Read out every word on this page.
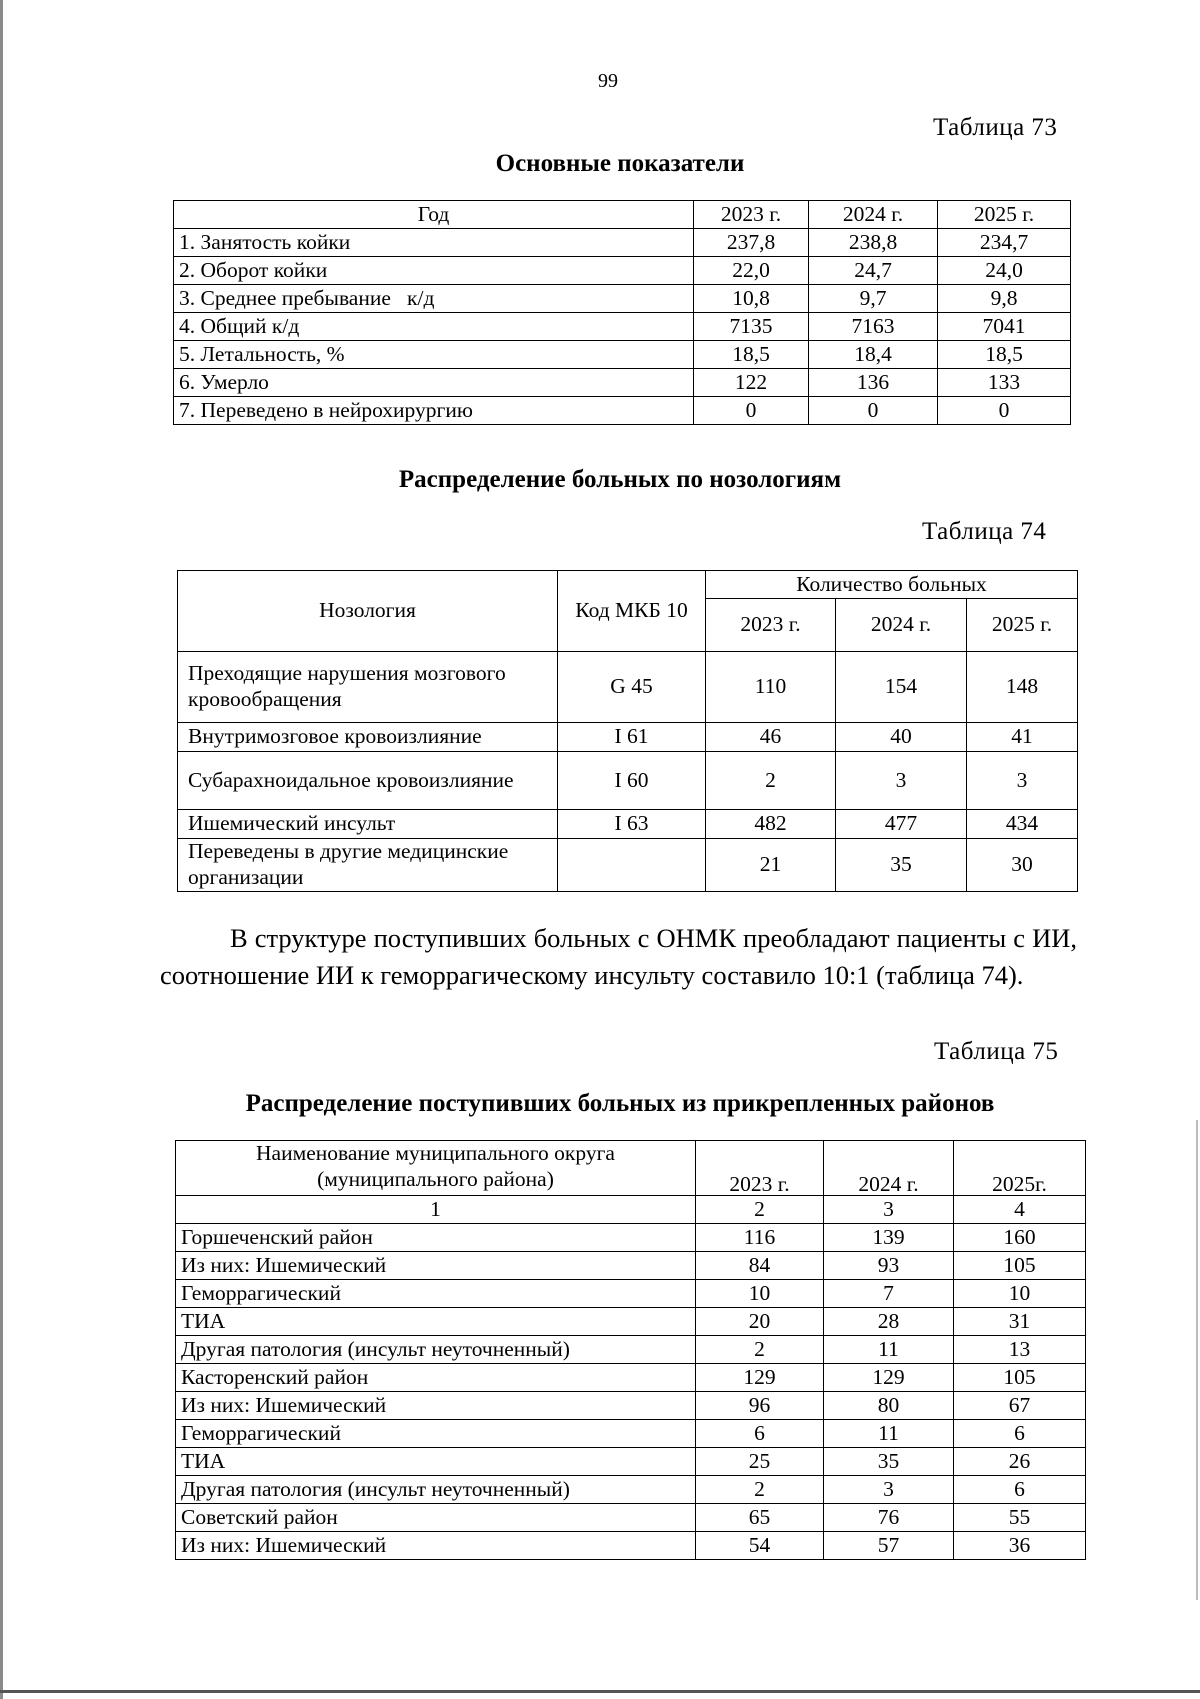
99
Таблица 73
Основные показатели
Год	2023 г.	2024 г.	2025 г.
1. Занятость койки	237,8	238,8	234,7
2. Оборот койки	22,0	24,7	24,0
3. Среднее пребывание   к/д	10,8	9,7	9,8
4. Общий к/д	7135	7163	7041
5. Летальность, %	18,5	18,4	18,5
6. Умерло	122	136	133
7. Переведено в нейрохирургию	0	0	0
Распределение больных по нозологиям
Таблица 74
Нозология	Код МКБ 10	Количество больных		
		2023 г.	2024 г.	2025 г.
Преходящие нарушения мозгового кровообращения	G 45	110	154	148
Внутримозговое кровоизлияние	I 61	46	40	41
Субарахноидальное кровоизлияние	I 60	2	3	3
Ишемический инсульт	I 63	482	477	434
Переведены в другие медицинские организации		21	35	30
В структуре поступивших больных с ОНМК преобладают пациенты с ИИ, соотношение ИИ к геморрагическому инсульту составило 10:1 (таблица 74).
Таблица 75
Распределение поступивших больных из прикрепленных районов
Наименование муниципального округа (муниципального района)	2023 г.	2024 г.	2025г.
1	2	3	4
Горшеченский район	116	139	160
Из них: Ишемический	84	93	105
Геморрагический	10	7	10
ТИА	20	28	31
Другая патология (инсульт неуточненный)	2	11	13
Касторенский район	129	129	105
Из них: Ишемический	96	80	67
Геморрагический	6	11	6
ТИА	25	35	26
Другая патология (инсульт неуточненный)	2	3	6
Советский район	65	76	55
Из них: Ишемический	54	57	36
